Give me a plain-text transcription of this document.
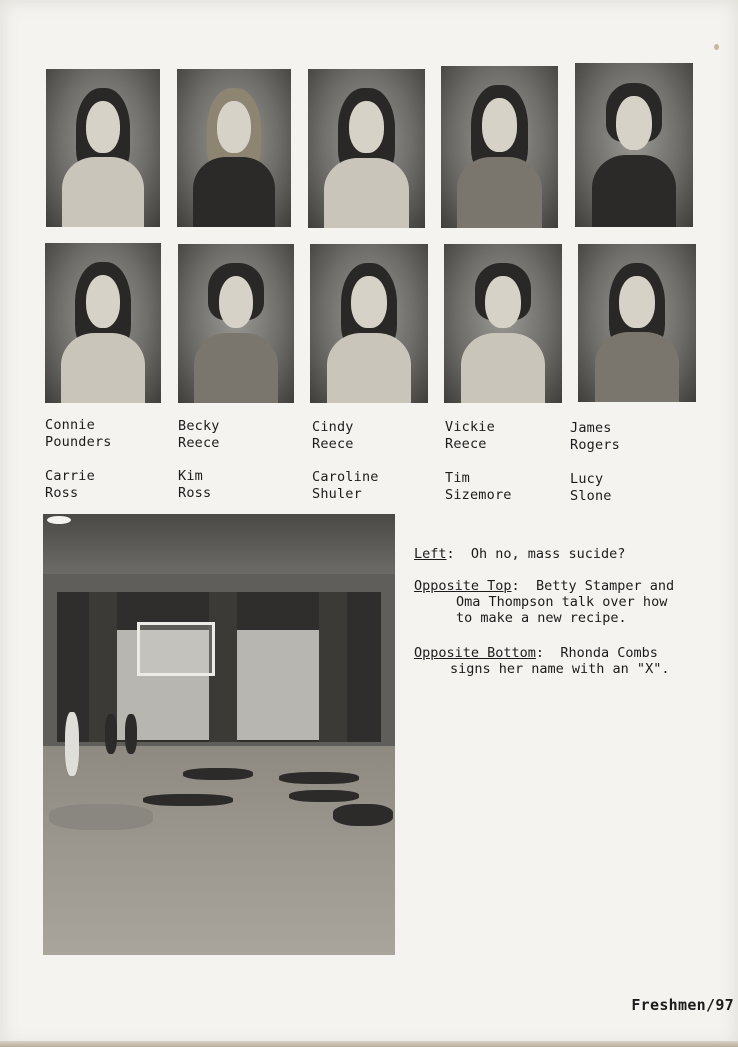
Connie
Pounders
Becky
Reece
Cindy
Reece
Vickie
Reece
James
Rogers
Carrie
Ross
Kim
Ross
Caroline
Shuler
Tim
Sizemore
Lucy
Slone
Left:  Oh no, mass sucide?
Opposite Top:  Betty Stamper and
Oma Thompson talk over how
to make a new recipe.
Opposite Bottom:  Rhonda Combs
signs her name with an "X".
Freshmen/97
